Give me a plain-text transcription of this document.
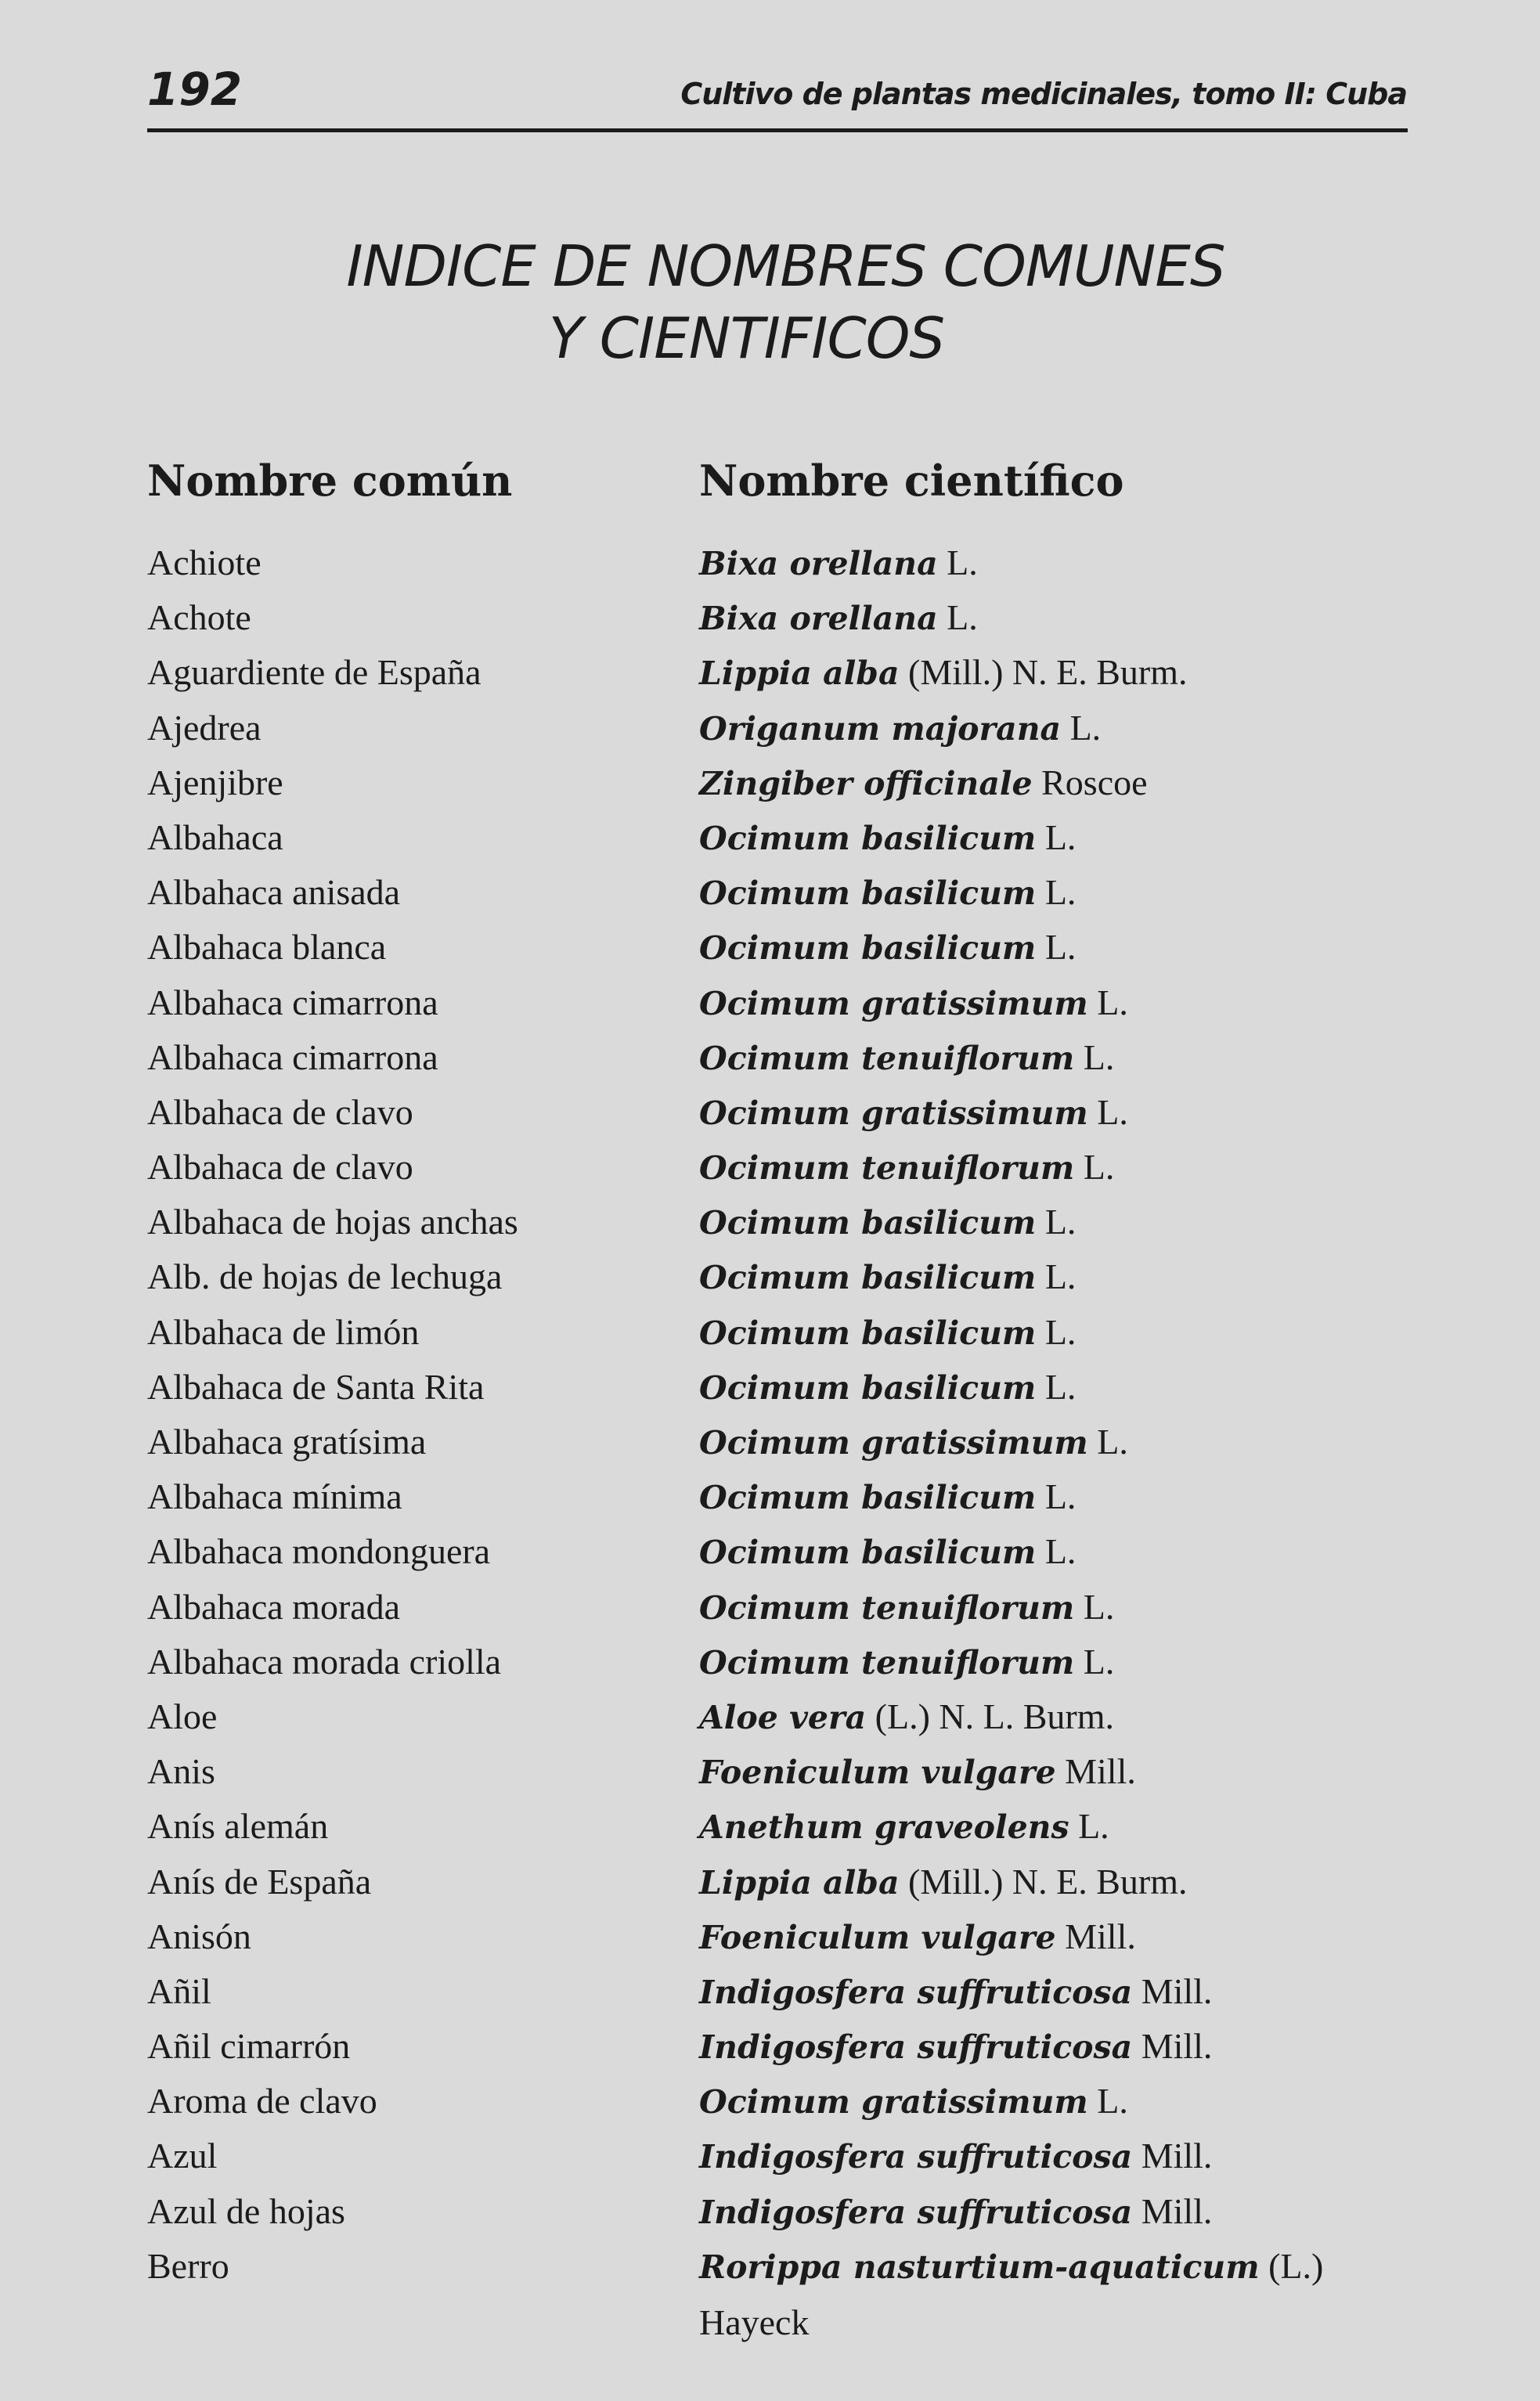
192	Cultivo de plantas medicinales, tomo II: Cuba
INDICE DE NOMBRES COMUNES
Y CIENTIFICOS
Nombre común	Nombre científico
Achiote	Bixa orellana L.
Achote	Bixa orellana L.
Aguardiente de España	Lippia alba (Mill.) N. E. Burm.
Ajedrea	Origanum majorana L.
Ajenjibre	Zingiber officinale Roscoe
Albahaca	Ocimum basilicum L.
Albahaca anisada	Ocimum basilicum L.
Albahaca blanca	Ocimum basilicum L.
Albahaca cimarrona	Ocimum gratissimum L.
Albahaca cimarrona	Ocimum tenuiflorum L.
Albahaca de clavo	Ocimum gratissimum L.
Albahaca de clavo	Ocimum tenuiflorum L.
Albahaca de hojas anchas	Ocimum basilicum L.
Alb. de hojas de lechuga	Ocimum basilicum L.
Albahaca de limón	Ocimum basilicum L.
Albahaca de Santa Rita	Ocimum basilicum L.
Albahaca gratísima	Ocimum gratissimum L.
Albahaca mínima	Ocimum basilicum L.
Albahaca mondonguera	Ocimum basilicum L.
Albahaca morada	Ocimum tenuiflorum L.
Albahaca morada criolla	Ocimum tenuiflorum L.
Aloe	Aloe vera (L.) N. L. Burm.
Anis	Foeniculum vulgare Mill.
Anís alemán	Anethum graveolens L.
Anís de España	Lippia alba (Mill.) N. E. Burm.
Anisón	Foeniculum vulgare Mill.
Añil	Indigosfera suffruticosa Mill.
Añil cimarrón	Indigosfera suffruticosa Mill.
Aroma de clavo	Ocimum gratissimum L.
Azul	Indigosfera suffruticosa Mill.
Azul de hojas	Indigosfera suffruticosa Mill.
Berro	Rorippa nasturtium-aquaticum (L.)
Hayeck
